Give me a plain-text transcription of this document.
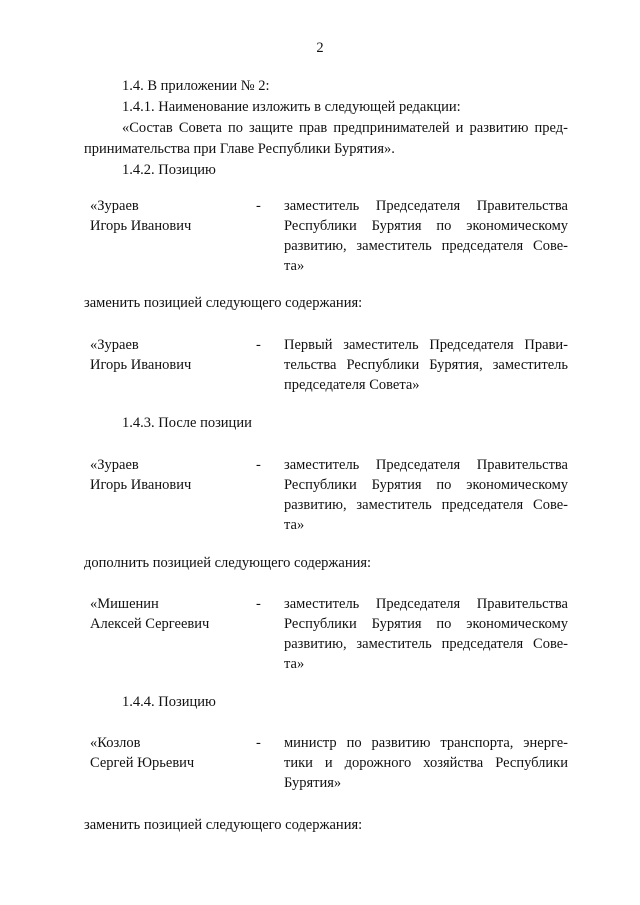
2
1.4. В приложении № 2:
1.4.1. Наименование изложить в следующей редакции:
«Состав Совета по защите прав предпринимателей и развитию пред-
принимательства при Главе Республики Бурятия».
1.4.2. Позицию
«Зураев
Игорь Иванович
- заместитель Председателя Правительства
Республики Бурятия по экономическому
развитию, заместитель председателя Сове-
та»
заменить позицией следующего содержания:
«Зураев
Игорь Иванович
- Первый заместитель Председателя Прави-
тельства Республики Бурятия, заместитель
председателя Совета»
1.4.3. После позиции
«Зураев
Игорь Иванович
- заместитель Председателя Правительства
Республики Бурятия по экономическому
развитию, заместитель председателя Сове-
та»
дополнить позицией следующего содержания:
«Мишенин
Алексей Сергеевич
- заместитель Председателя Правительства
Республики Бурятия по экономическому
развитию, заместитель председателя Сове-
та»
1.4.4. Позицию
«Козлов
Сергей Юрьевич
- министр по развитию транспорта, энерге-
тики и дорожного хозяйства Республики
Бурятия»
заменить позицией следующего содержания:
